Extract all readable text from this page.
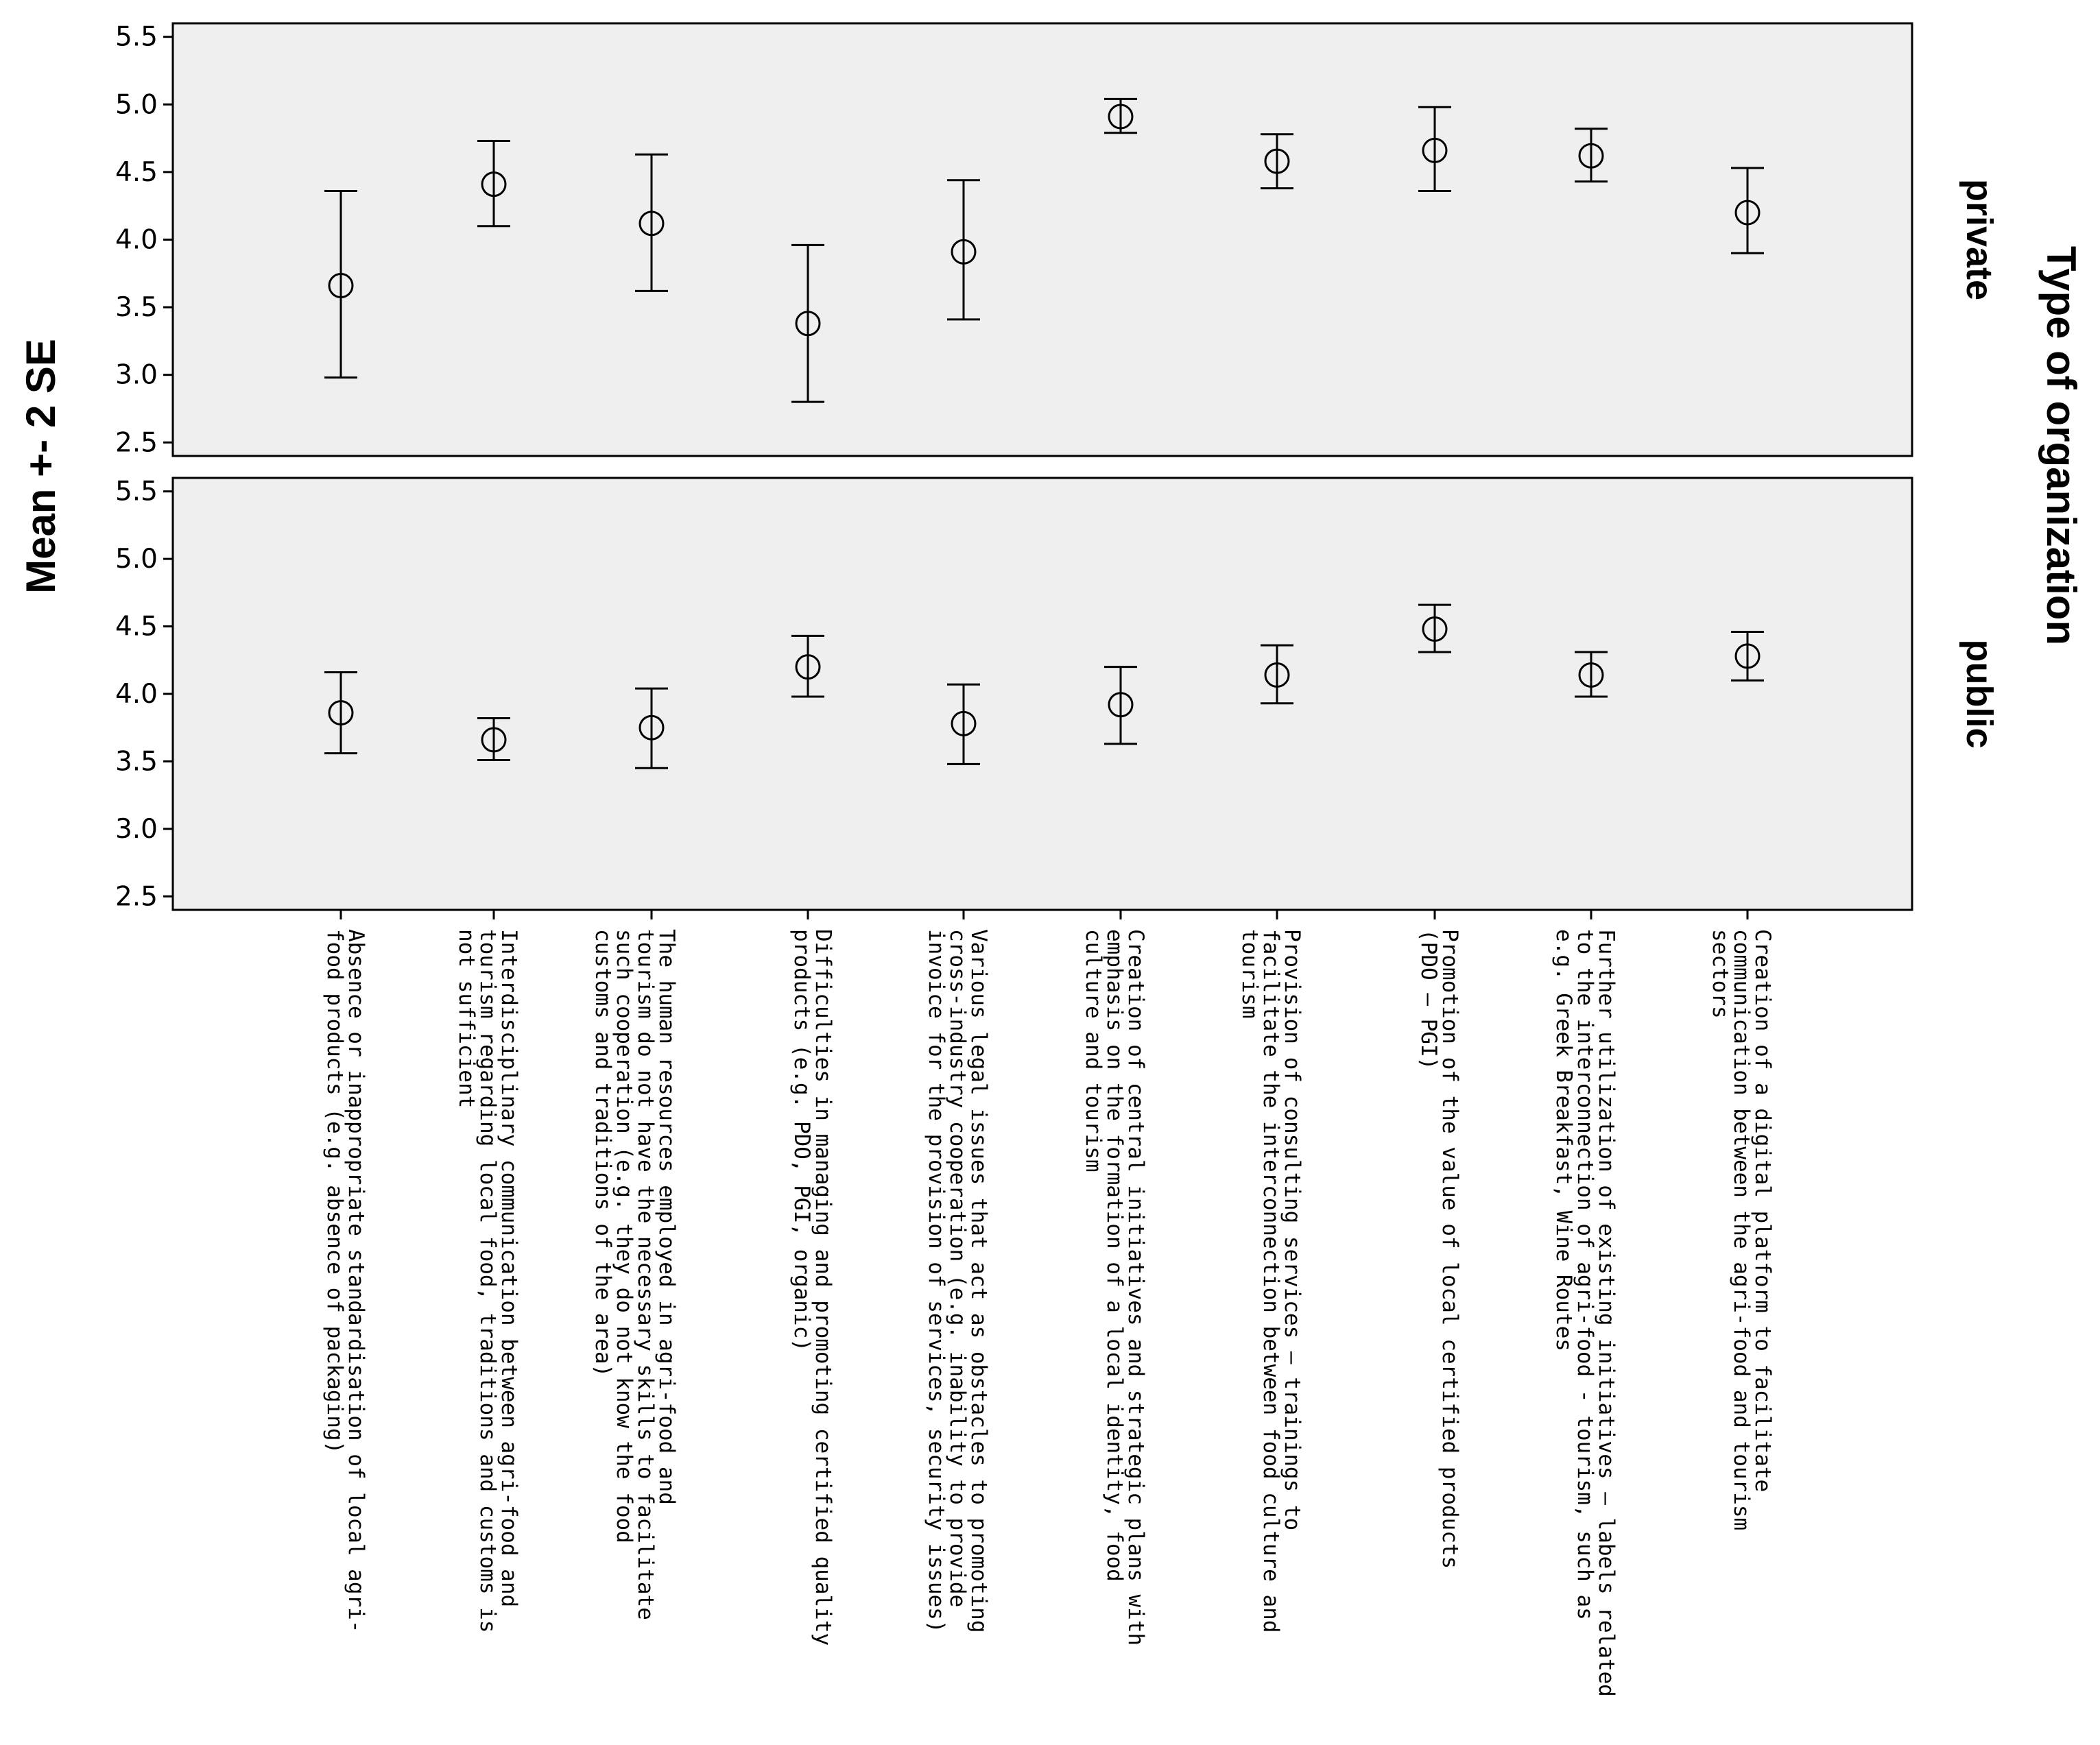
2.5
3.0
3.5
4.0
4.5
5.0
5.5
private
2.5
3.0
3.5
4.0
4.5
5.0
5.5
public
Absence or inappropriate standardisation of local agri-food products (e.g. absence of packaging)	Interdisciplinary communication between agri-food andtourism regarding local food, traditions and customs isnot sufficient	The human resources employed in agri-food andtourism do not have the necessary skills to facilitatesuch cooperation (e.g. they do not know the foodcustoms and traditions of the area)	Difficulties in managing and promoting certified qualityproducts (e.g. PDO, PGI, organic)	Various legal issues that act as obstacles to promotingcross-industry cooperation (e.g. inability to provideinvoice for the provision of services, security issues)	Creation of central initiatives and strategic plans withemphasis on the formation of a local identity, foodculture and tourism	Provision of consulting services – trainings tofacilitate the interconnection between food culture andtourism	Promotion of the value of local certified products(PDO – PGI)	Further utilization of existing initiatives – labels relatedto the interconnection of agri-food - tourism, such ase.g. Greek Breakfast, Wine Routes	Creation of a digital platform to facilitatecommunication between the agri-food and tourismsectors
Mean +- 2 SE	Type of organization
